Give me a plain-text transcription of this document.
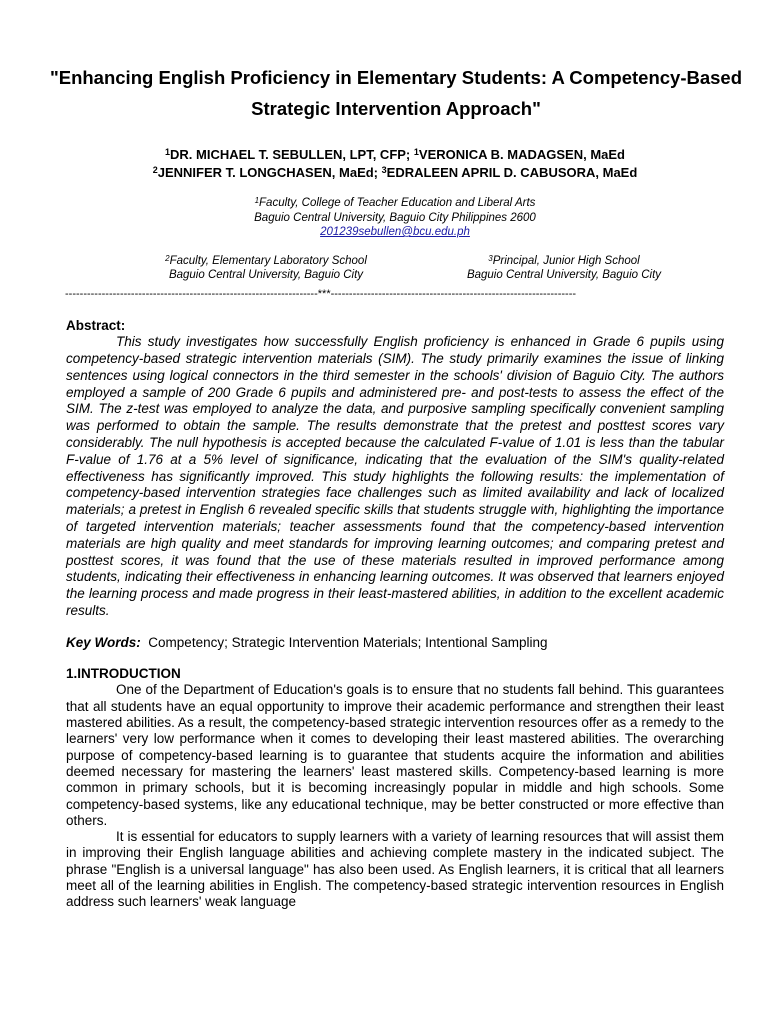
"Enhancing English Proficiency in Elementary Students: A Competency-Based Strategic Intervention Approach"
$^1$DR. MICHAEL T. SEBULLEN, LPT, CFP; $^1$VERONICA B. MADAGSEN, MaEd
$^2$JENNIFER T. LONGCHASEN, MaEd; $^3$EDRALEEN APRIL D. CABUSORA, MaEd
$^1$Faculty, College of Teacher Education and Liberal Arts
Baguio Central University, Baguio City Philippines 2600
201239sebullen@bcu.edu.ph
$^2$Faculty, Elementary Laboratory School
Baguio Central University, Baguio City
$^3$Principal, Junior High School
Baguio Central University, Baguio City
---------------------------------------------------------------------***-------------------------------------------------------------------
Abstract:

This study investigates how successfully English proficiency is enhanced in Grade 6 pupils using competency-based strategic intervention materials (SIM). The study primarily examines the issue of linking sentences using logical connectors in the third semester in the schools' division of Baguio City. The authors employed a sample of 200 Grade 6 pupils and administered pre- and post-tests to assess the effect of the SIM. The z-test was employed to analyze the data, and purposive sampling specifically convenient sampling was performed to obtain the sample. The results demonstrate that the pretest and posttest scores vary considerably. The null hypothesis is accepted because the calculated F-value of 1.01 is less than the tabular F-value of 1.76 at a 5% level of significance, indicating that the evaluation of the SIM's quality-related effectiveness has significantly improved. This study highlights the following results: the implementation of competency-based intervention strategies face challenges such as limited availability and lack of localized materials; a pretest in English 6 revealed specific skills that students struggle with, highlighting the importance of targeted intervention materials; teacher assessments found that the competency-based intervention materials are high quality and meet standards for improving learning outcomes; and comparing pretest and posttest scores, it was found that the use of these materials resulted in improved performance among students, indicating their effectiveness in enhancing learning outcomes. It was observed that learners enjoyed the learning process and made progress in their least-mastered abilities, in addition to the excellent academic results.

Key Words: Competency; Strategic Intervention Materials; Intentional Sampling
1.INTRODUCTION

One of the Department of Education's goals is to ensure that no students fall behind. This guarantees that all students have an equal opportunity to improve their academic performance and strengthen their least mastered abilities. As a result, the competency-based strategic intervention resources offer as a remedy to the learners' very low performance when it comes to developing their least mastered abilities. The overarching purpose of competency-based learning is to guarantee that students acquire the information and abilities deemed necessary for mastering the learners' least mastered skills. Competency-based learning is more common in primary schools, but it is becoming increasingly popular in middle and high schools. Some competency-based systems, like any educational technique, may be better constructed or more effective than others.

It is essential for educators to supply learners with a variety of learning resources that will assist them in improving their English language abilities and achieving complete mastery in the indicated subject. The phrase "English is a universal language" has also been used. As English learners, it is critical that all learners meet all of the learning abilities in English. The competency-based strategic intervention resources in English address such learners' weak language
